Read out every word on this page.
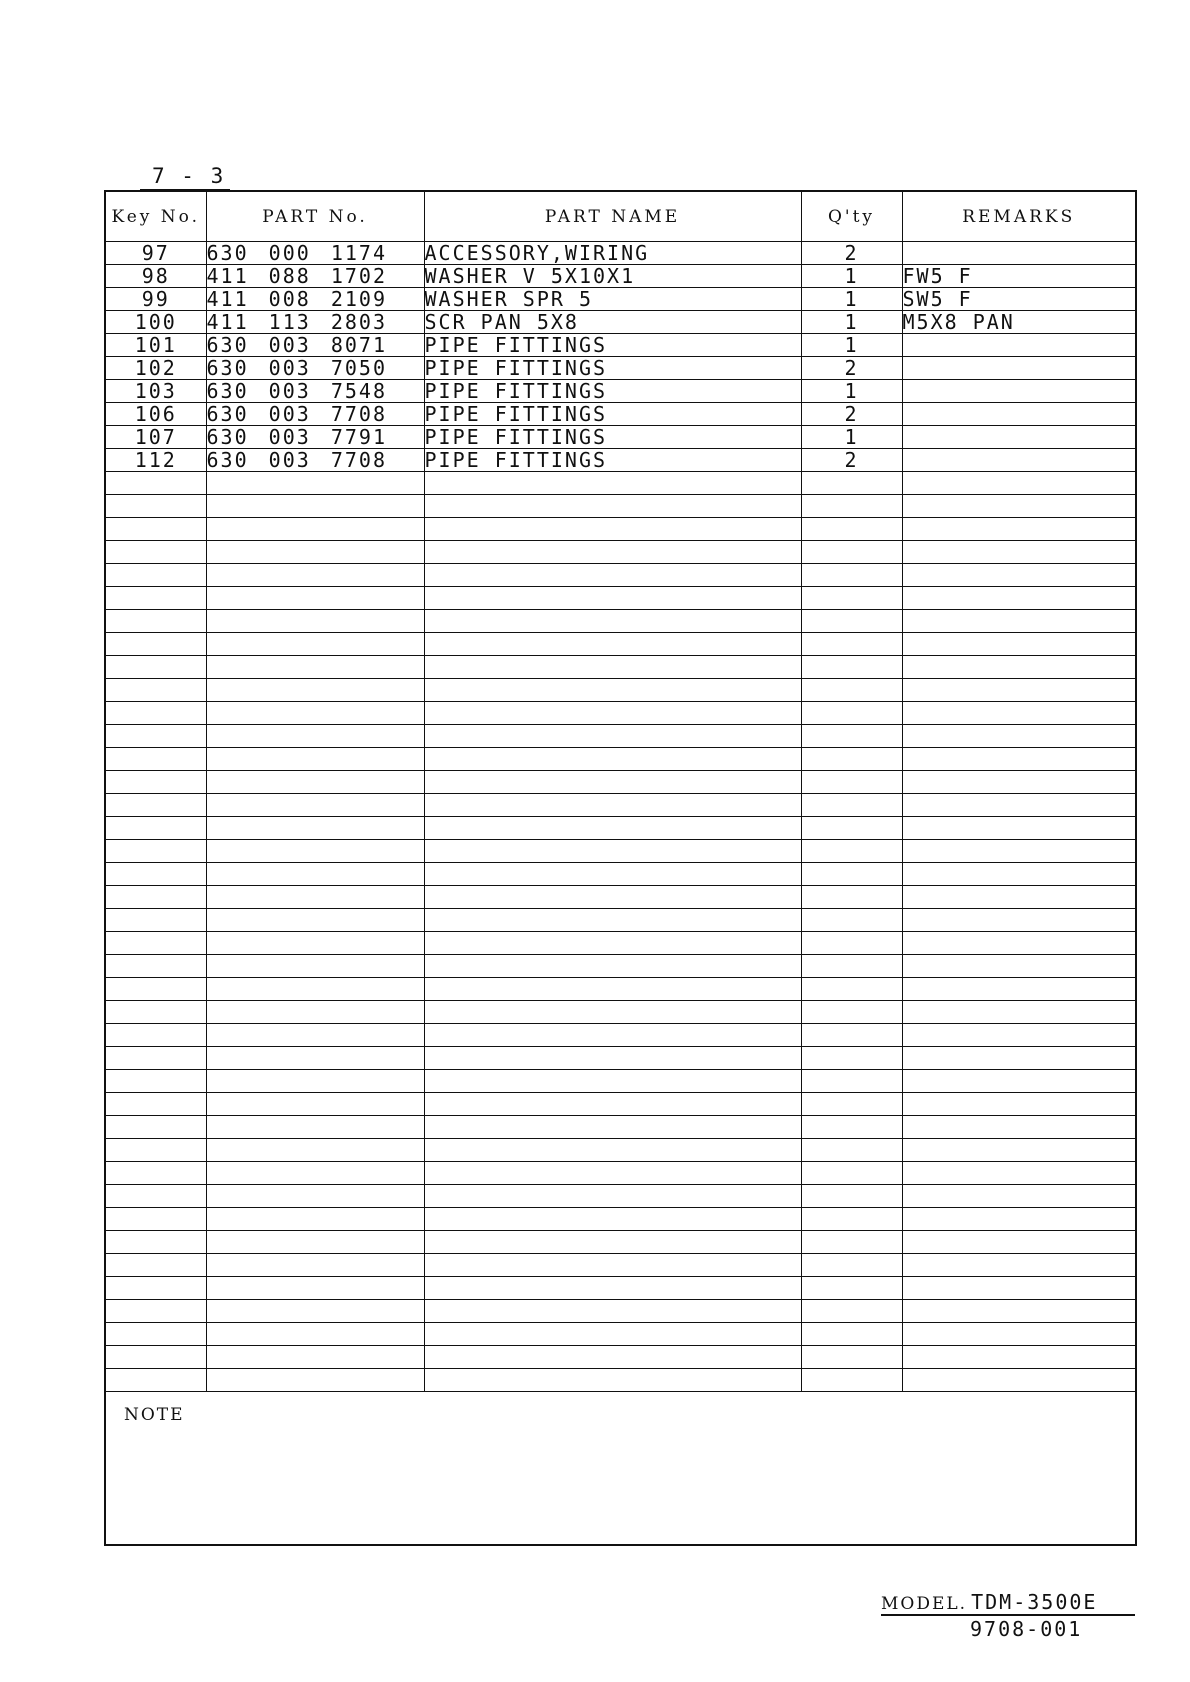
7 - 3
Key No.	PART No.	PART NAME	Q'ty	REMARKS
97	630 000 1174	ACCESSORY,WIRING	2	
98	411 088 1702	WASHER V 5X10X1	1	FW5 F
99	411 008 2109	WASHER SPR 5	1	SW5 F
100	411 113 2803	SCR PAN 5X8	1	M5X8 PAN
101	630 003 8071	PIPE FITTINGS	1	
102	630 003 7050	PIPE FITTINGS	2	
103	630 003 7548	PIPE FITTINGS	1	
106	630 003 7708	PIPE FITTINGS	2	
107	630 003 7791	PIPE FITTINGS	1	
112	630 003 7708	PIPE FITTINGS	2	

NOTE				
MODEL. TDM-3500E
9708-001
